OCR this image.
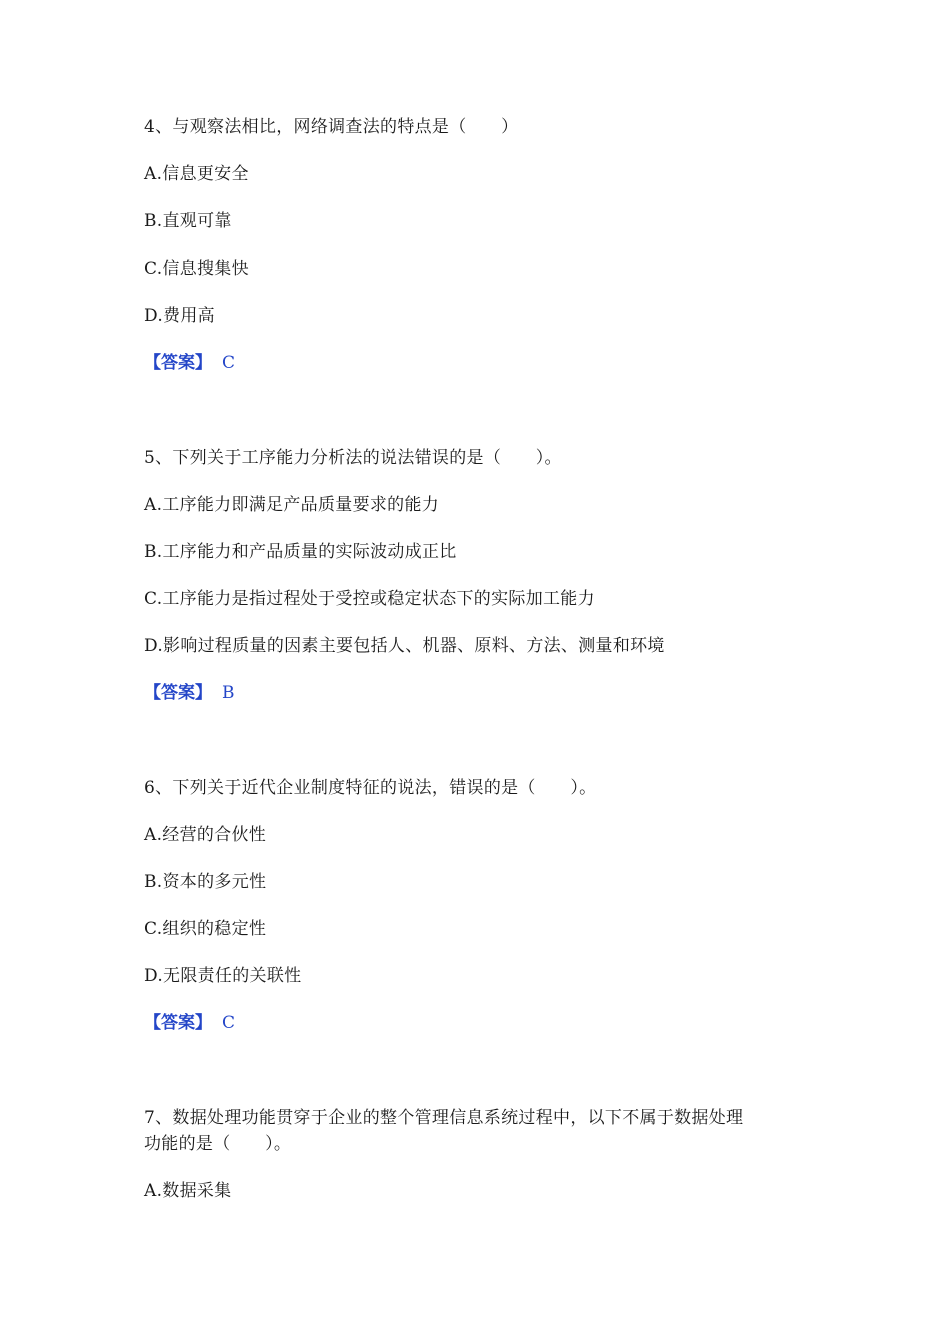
4、与观察法相比，网络调查法的特点是（　　）
A.信息更安全
B.直观可靠
C.信息搜集快
D.费用高
【答案】 C
5、下列关于工序能力分析法的说法错误的是（　　）。
A.工序能力即满足产品质量要求的能力
B.工序能力和产品质量的实际波动成正比
C.工序能力是指过程处于受控或稳定状态下的实际加工能力
D.影响过程质量的因素主要包括人、机器、原料、方法、测量和环境
【答案】 B
6、下列关于近代企业制度特征的说法，错误的是（　　）。
A.经营的合伙性
B.资本的多元性
C.组织的稳定性
D.无限责任的关联性
【答案】 C
7、数据处理功能贯穿于企业的整个管理信息系统过程中，以下不属于数据处理
功能的是（　　）。
A.数据采集
